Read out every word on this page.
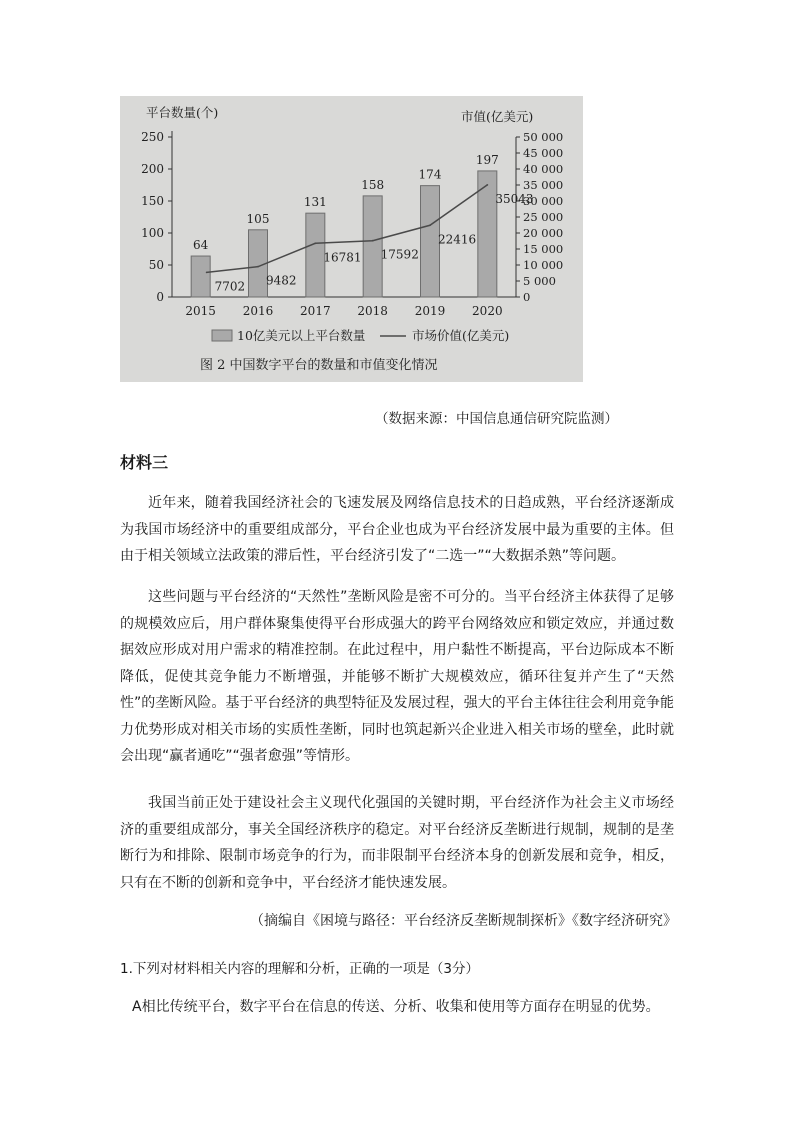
平台数量(个)	市值(亿美元)
250
200
150
100
50
0
50 000
45 000
40 000
35 000
30 000
25 000
20 000
15 000
10 000
5 000
0
64
105
131
158
174
197
7702 9482
16781 17592
22416
35043
2015 2016 2017 2018 2019 2020
10亿美元以上平台数量	市场价值(亿美元)
图 2 中国数字平台的数量和市值变化情况
（数据来源：中国信息通信研究院监测）
材料三
近年来，随着我国经济社会的飞速发展及网络信息技术的日趋成熟，平台经济逐渐成为我国市场经济中的重要组成部分，平台企业也成为平台经济发展中最为重要的主体。但由于相关领域立法政策的滞后性，平台经济引发了“二选一”“大数据杀熟”等问题。
这些问题与平台经济的“天然性”垄断风险是密不可分的。当平台经济主体获得了足够的规模效应后，用户群体聚集使得平台形成强大的跨平台网络效应和锁定效应，并通过数据效应形成对用户需求的精准控制。在此过程中，用户黏性不断提高，平台边际成本不断降低，促使其竞争能力不断增强，并能够不断扩大规模效应，循环往复并产生了“天然性”的垄断风险。基于平台经济的典型特征及发展过程，强大的平台主体往往会利用竞争能力优势形成对相关市场的实质性垄断，同时也筑起新兴企业进入相关市场的壁垒，此时就会出现“赢者通吃”“强者愈强”等情形。
我国当前正处于建设社会主义现代化强国的关键时期，平台经济作为社会主义市场经济的重要组成部分，事关全国经济秩序的稳定。对平台经济反垄断进行规制，规制的是垄断行为和排除、限制市场竞争的行为，而非限制平台经济本身的创新发展和竞争，相反，只有在不断的创新和竞争中，平台经济才能快速发展。
（摘编自《困境与路径：平台经济反垄断规制探析》《数字经济研究》
1.下列对材料相关内容的理解和分析，正确的一项是（3分）
A相比传统平台，数字平台在信息的传送、分析、收集和使用等方面存在明显的优势。
